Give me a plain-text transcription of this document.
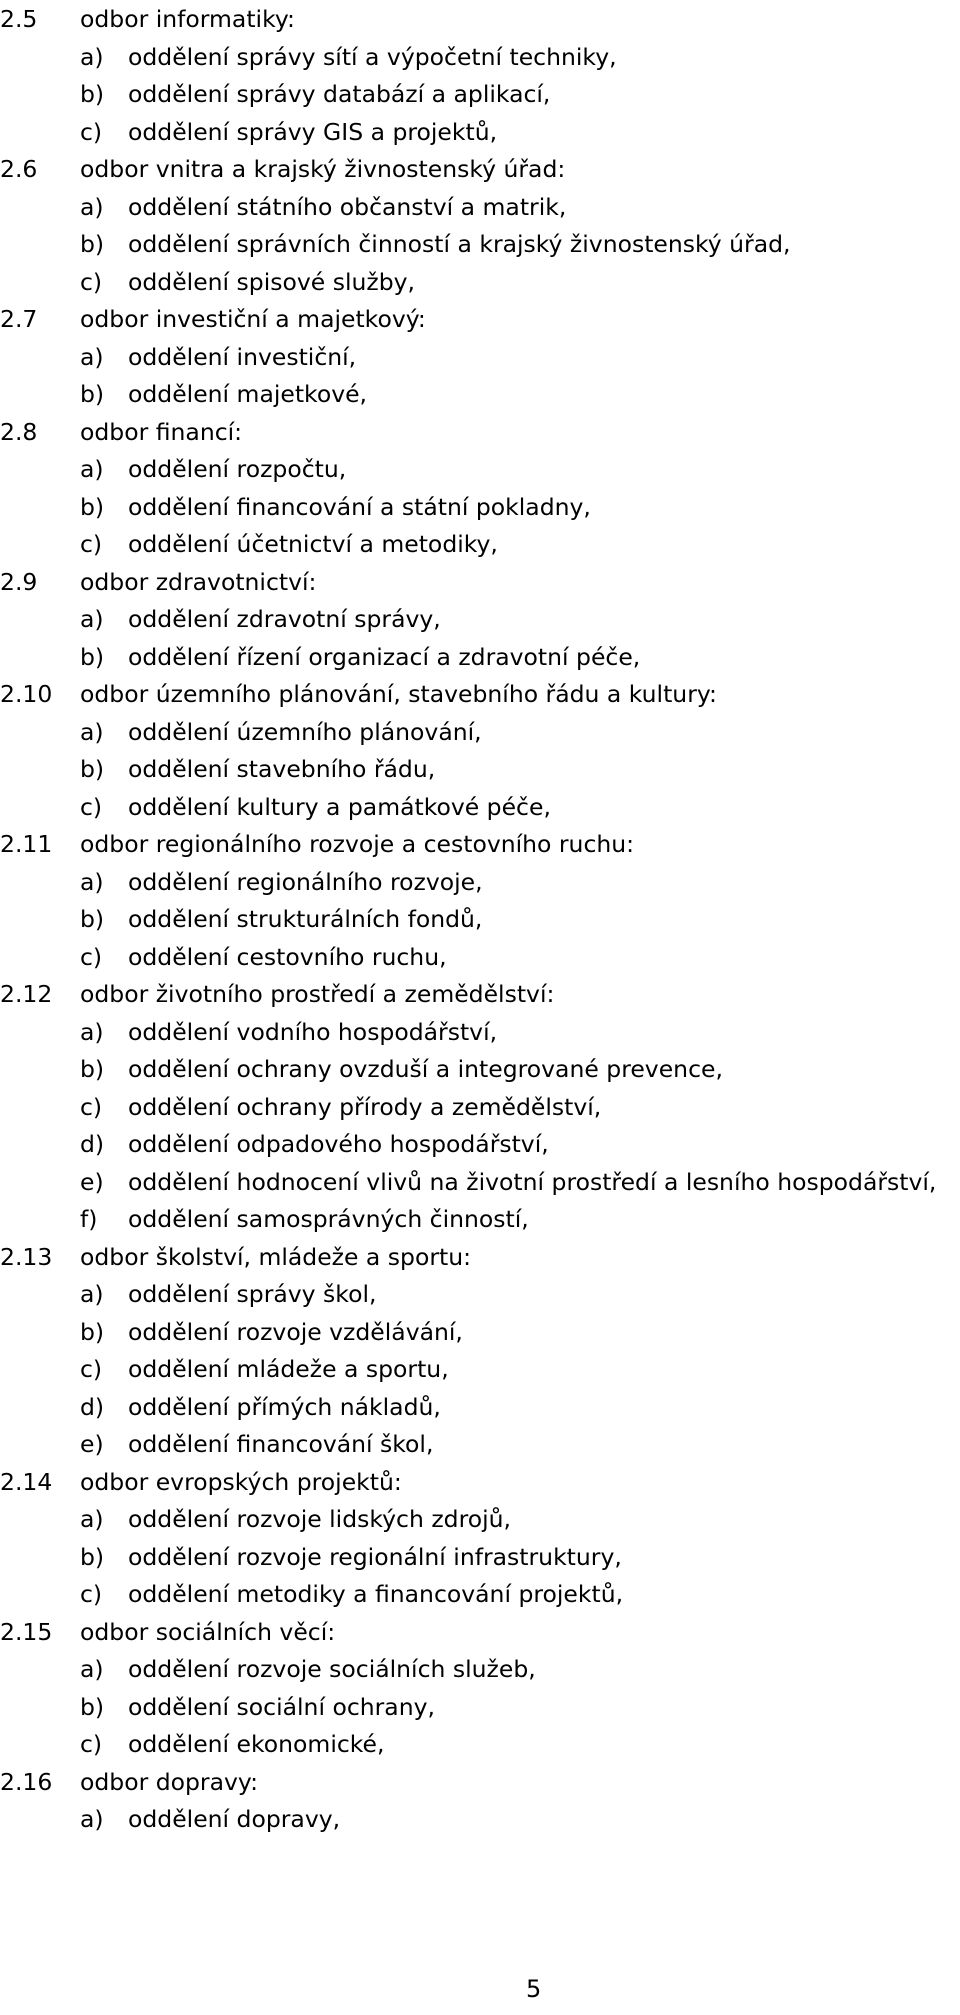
2.5 odbor informatiky:
a) oddělení správy sítí a výpočetní techniky,
b) oddělení správy databází a aplikací,
c) oddělení správy GIS a projektů,
2.6 odbor vnitra a krajský živnostenský úřad:
a) oddělení státního občanství a matrik,
b) oddělení správních činností a krajský živnostenský úřad,
c) oddělení spisové služby,
2.7 odbor investiční a majetkový:
a) oddělení investiční,
b) oddělení majetkové,
2.8 odbor financí:
a) oddělení rozpočtu,
b) oddělení financování a státní pokladny,
c) oddělení účetnictví a metodiky,
2.9 odbor zdravotnictví:
a) oddělení zdravotní správy,
b) oddělení řízení organizací a zdravotní péče,
2.10 odbor územního plánování, stavebního řádu a kultury:
a) oddělení územního plánování,
b) oddělení stavebního řádu,
c) oddělení kultury a památkové péče,
2.11 odbor regionálního rozvoje a cestovního ruchu:
a) oddělení regionálního rozvoje,
b) oddělení strukturálních fondů,
c) oddělení cestovního ruchu,
2.12 odbor životního prostředí a zemědělství:
a) oddělení vodního hospodářství,
b) oddělení ochrany ovzduší a integrované prevence,
c) oddělení ochrany přírody a zemědělství,
d) oddělení odpadového hospodářství,
e) oddělení hodnocení vlivů na životní prostředí a lesního hospodářství,
f) oddělení samosprávných činností,
2.13 odbor školství, mládeže a sportu:
a) oddělení správy škol,
b) oddělení rozvoje vzdělávání,
c) oddělení mládeže a sportu,
d) oddělení přímých nákladů,
e) oddělení financování škol,
2.14 odbor evropských projektů:
a) oddělení rozvoje lidských zdrojů,
b) oddělení rozvoje regionální infrastruktury,
c) oddělení metodiky a financování projektů,
2.15 odbor sociálních věcí:
a) oddělení rozvoje sociálních služeb,
b) oddělení sociální ochrany,
c) oddělení ekonomické,
2.16 odbor dopravy:
a) oddělení dopravy,
5
